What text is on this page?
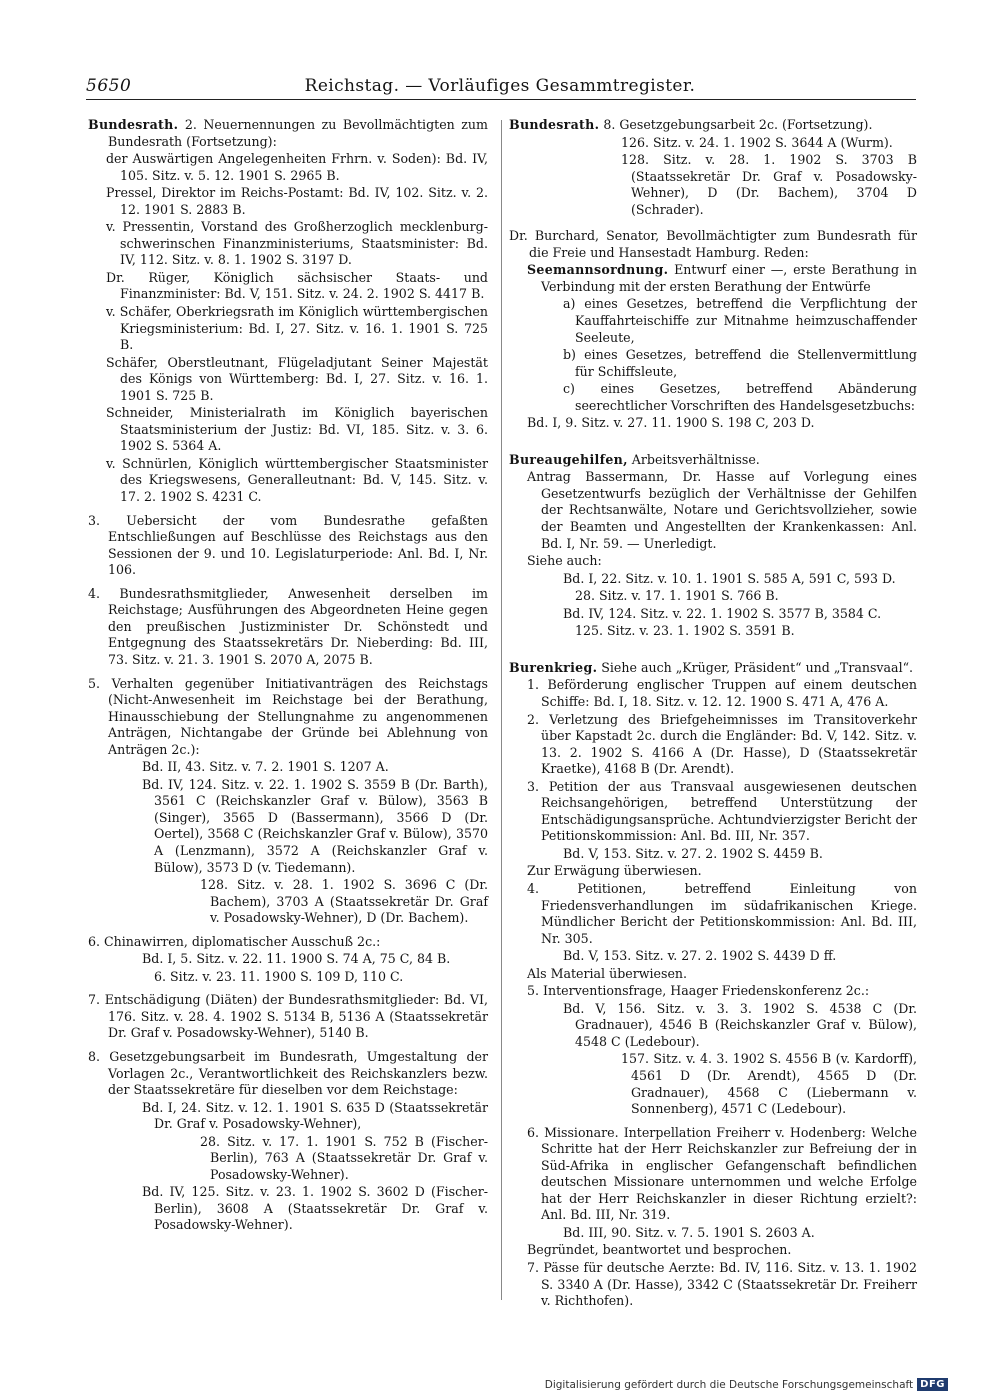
5650	Reichstag. — Vorläufiges Gesammtregister.

Bundesrath. 2. Neuernennungen zu Bevollmächtigten zum Bundesrath (Fortsetzung):

der Auswärtigen Angelegenheiten Frhrn. v. Soden): Bd. IV, 105. Sitz. v. 5. 12. 1901 S. 2965 B.

Pressel, Direktor im Reichs-Postamt: Bd. IV, 102. Sitz. v. 2. 12. 1901 S. 2883 B.

v. Pressentin, Vorstand des Großherzoglich mecklenburg-schwerinschen Finanzministeriums, Staatsminister: Bd. IV, 112. Sitz. v. 8. 1. 1902 S. 3197 D.

Dr. Rüger, Königlich sächsischer Staats- und Finanzminister: Bd. V, 151. Sitz. v. 24. 2. 1902 S. 4417 B.

v. Schäfer, Oberkriegsrath im Königlich württembergischen Kriegsministerium: Bd. I, 27. Sitz. v. 16. 1. 1901 S. 725 B.

Schäfer, Oberstleutnant, Flügeladjutant Seiner Majestät des Königs von Württemberg: Bd. I, 27. Sitz. v. 16. 1. 1901 S. 725 B.

Schneider, Ministerialrath im Königlich bayerischen Staatsministerium der Justiz: Bd. VI, 185. Sitz. v. 3. 6. 1902 S. 5364 A.

v. Schnürlen, Königlich württembergischer Staatsminister des Kriegswesens, Generalleutnant: Bd. V, 145. Sitz. v. 17. 2. 1902 S. 4231 C.

3. Uebersicht der vom Bundesrathe gefaßten Entschließungen auf Beschlüsse des Reichstags aus den Sessionen der 9. und 10. Legislaturperiode: Anl. Bd. I, Nr. 106.

4. Bundesrathsmitglieder, Anwesenheit derselben im Reichstage; Ausführungen des Abgeordneten Heine gegen den preußischen Justizminister Dr. Schönstedt und Entgegnung des Staatssekretärs Dr. Nieberding: Bd. III, 73. Sitz. v. 21. 3. 1901 S. 2070 A, 2075 B.

5. Verhalten gegenüber Initiativanträgen des Reichstags (Nicht-Anwesenheit im Reichstage bei der Berathung, Hinausschiebung der Stellungnahme zu angenommenen Anträgen, Nichtangabe der Gründe bei Ablehnung von Anträgen 2c.):

Bd. II, 43. Sitz. v. 7. 2. 1901 S. 1207 A.

Bd. IV, 124. Sitz. v. 22. 1. 1902 S. 3559 B (Dr. Barth), 3561 C (Reichskanzler Graf v. Bülow), 3563 B (Singer), 3565 D (Bassermann), 3566 D (Dr. Oertel), 3568 C (Reichskanzler Graf v. Bülow), 3570 A (Lenzmann), 3572 A (Reichskanzler Graf v. Bülow), 3573 D (v. Tiedemann).

128. Sitz. v. 28. 1. 1902 S. 3696 C (Dr. Bachem), 3703 A (Staatssekretär Dr. Graf v. Posadowsky-Wehner), D (Dr. Bachem).

6. Chinawirren, diplomatischer Ausschuß 2c.:

Bd. I, 5. Sitz. v. 22. 11. 1900 S. 74 A, 75 C, 84 B.

6. Sitz. v. 23. 11. 1900 S. 109 D, 110 C.

7. Entschädigung (Diäten) der Bundesrathsmitglieder: Bd. VI, 176. Sitz. v. 28. 4. 1902 S. 5134 B, 5136 A (Staatssekretär Dr. Graf v. Posadowsky-Wehner), 5140 B.

8. Gesetzgebungsarbeit im Bundesrath, Umgestaltung der Vorlagen 2c., Verantwortlichkeit des Reichskanzlers bezw. der Staatssekretäre für dieselben vor dem Reichstage:

Bd. I, 24. Sitz. v. 12. 1. 1901 S. 635 D (Staatssekretär Dr. Graf v. Posadowsky-Wehner),

28. Sitz. v. 17. 1. 1901 S. 752 B (Fischer-Berlin), 763 A (Staatssekretär Dr. Graf v. Posadowsky-Wehner).

Bd. IV, 125. Sitz. v. 23. 1. 1902 S. 3602 D (Fischer-Berlin), 3608 A (Staatssekretär Dr. Graf v. Posadowsky-Wehner).

Bundesrath. 8. Gesetzgebungsarbeit 2c. (Fortsetzung).

126. Sitz. v. 24. 1. 1902 S. 3644 A (Wurm).

128. Sitz. v. 28. 1. 1902 S. 3703 B (Staatssekretär Dr. Graf v. Posadowsky-Wehner), D (Dr. Bachem), 3704 D (Schrader).

Dr. Burchard, Senator, Bevollmächtigter zum Bundesrath für die Freie und Hansestadt Hamburg. Reden:

Seemannsordnung. Entwurf einer —, erste Berathung in Verbindung mit der ersten Berathung der Entwürfe

a) eines Gesetzes, betreffend die Verpflichtung der Kauffahrteischiffe zur Mitnahme heimzuschaffender Seeleute,

b) eines Gesetzes, betreffend die Stellenvermittlung für Schiffsleute,

c) eines Gesetzes, betreffend Abänderung seerechtlicher Vorschriften des Handelsgesetzbuchs:

Bd. I, 9. Sitz. v. 27. 11. 1900 S. 198 C, 203 D.

Bureaugehilfen, Arbeitsverhältnisse.

Antrag Bassermann, Dr. Hasse auf Vorlegung eines Gesetzentwurfs bezüglich der Verhältnisse der Gehilfen der Rechtsanwälte, Notare und Gerichtsvollzieher, sowie der Beamten und Angestellten der Krankenkassen: Anl. Bd. I, Nr. 59. — Unerledigt.

Siehe auch:

Bd. I, 22. Sitz. v. 10. 1. 1901 S. 585 A, 591 C, 593 D.

28. Sitz. v. 17. 1. 1901 S. 766 B.

Bd. IV, 124. Sitz. v. 22. 1. 1902 S. 3577 B, 3584 C.

125. Sitz. v. 23. 1. 1902 S. 3591 B.

Burenkrieg. Siehe auch „Krüger, Präsident“ und „Transvaal“.

1. Beförderung englischer Truppen auf einem deutschen Schiffe: Bd. I, 18. Sitz. v. 12. 12. 1900 S. 471 A, 476 A.

2. Verletzung des Briefgeheimnisses im Transitoverkehr über Kapstadt 2c. durch die Engländer: Bd. V, 142. Sitz. v. 13. 2. 1902 S. 4166 A (Dr. Hasse), D (Staatssekretär Kraetke), 4168 B (Dr. Arendt).

3. Petition der aus Transvaal ausgewiesenen deutschen Reichsangehörigen, betreffend Unterstützung der Entschädigungsansprüche. Achtundvierzigster Bericht der Petitionskommission: Anl. Bd. III, Nr. 357.

Bd. V, 153. Sitz. v. 27. 2. 1902 S. 4459 B.

Zur Erwägung überwiesen.

4. Petitionen, betreffend Einleitung von Friedensverhandlungen im südafrikanischen Kriege. Mündlicher Bericht der Petitionskommission: Anl. Bd. III, Nr. 305.

Bd. V, 153. Sitz. v. 27. 2. 1902 S. 4439 D ff.

Als Material überwiesen.

5. Interventionsfrage, Haager Friedenskonferenz 2c.:

Bd. V, 156. Sitz. v. 3. 3. 1902 S. 4538 C (Dr. Gradnauer), 4546 B (Reichskanzler Graf v. Bülow), 4548 C (Ledebour).

157. Sitz. v. 4. 3. 1902 S. 4556 B (v. Kardorff), 4561 D (Dr. Arendt), 4565 D (Dr. Gradnauer), 4568 C (Liebermann v. Sonnenberg), 4571 C (Ledebour).

6. Missionare. Interpellation Freiherr v. Hodenberg: Welche Schritte hat der Herr Reichskanzler zur Befreiung der in Süd-Afrika in englischer Gefangenschaft befindlichen deutschen Missionare unternommen und welche Erfolge hat der Herr Reichskanzler in dieser Richtung erzielt?: Anl. Bd. III, Nr. 319.

Bd. III, 90. Sitz. v. 7. 5. 1901 S. 2603 A.

Begründet, beantwortet und besprochen.

7. Pässe für deutsche Aerzte: Bd. IV, 116. Sitz. v. 13. 1. 1902 S. 3340 A (Dr. Hasse), 3342 C (Staatssekretär Dr. Freiherr v. Richthofen).

Digitalisierung gefördert durch die Deutsche Forschungsgemeinschaft DFG
